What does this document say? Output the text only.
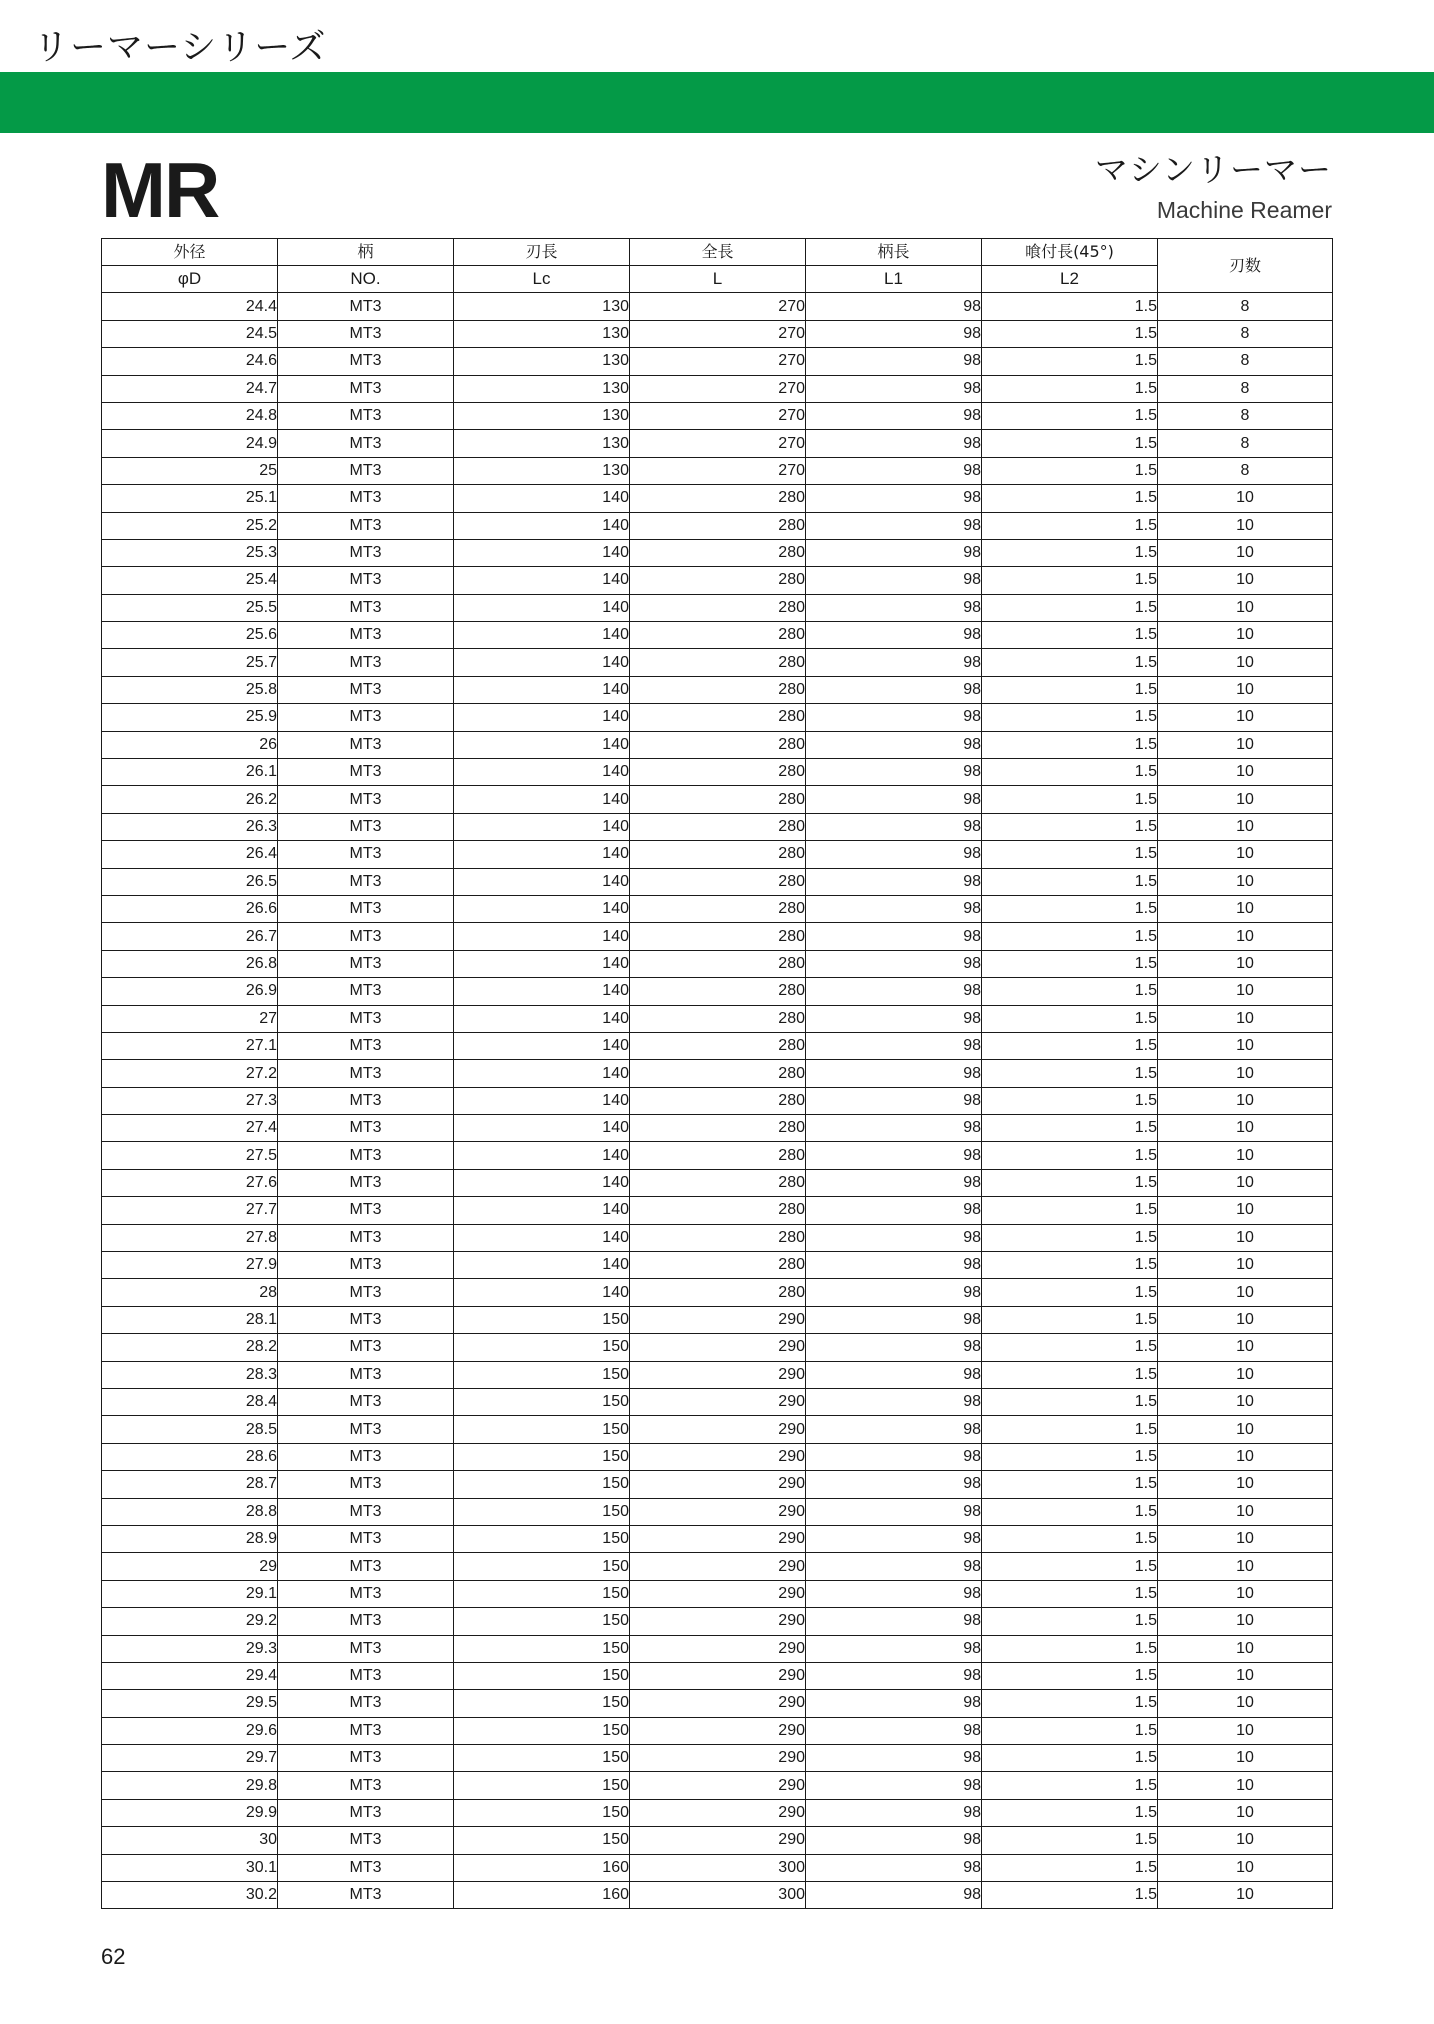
リーマーシリーズ
MR	マシンリーマー
Machine Reamer
外径	柄	刃長	全長	柄長	喰付長(45°)	刃数
φD	NO.	Lc	L	L1	L2	
24.4	MT3	130	270	98	1.5	8
24.5	MT3	130	270	98	1.5	8
24.6	MT3	130	270	98	1.5	8
24.7	MT3	130	270	98	1.5	8
24.8	MT3	130	270	98	1.5	8
24.9	MT3	130	270	98	1.5	8
25	MT3	130	270	98	1.5	8
25.1	MT3	140	280	98	1.5	10
25.2	MT3	140	280	98	1.5	10
25.3	MT3	140	280	98	1.5	10
25.4	MT3	140	280	98	1.5	10
25.5	MT3	140	280	98	1.5	10
25.6	MT3	140	280	98	1.5	10
25.7	MT3	140	280	98	1.5	10
25.8	MT3	140	280	98	1.5	10
25.9	MT3	140	280	98	1.5	10
26	MT3	140	280	98	1.5	10
26.1	MT3	140	280	98	1.5	10
26.2	MT3	140	280	98	1.5	10
26.3	MT3	140	280	98	1.5	10
26.4	MT3	140	280	98	1.5	10
26.5	MT3	140	280	98	1.5	10
26.6	MT3	140	280	98	1.5	10
26.7	MT3	140	280	98	1.5	10
26.8	MT3	140	280	98	1.5	10
26.9	MT3	140	280	98	1.5	10
27	MT3	140	280	98	1.5	10
27.1	MT3	140	280	98	1.5	10
27.2	MT3	140	280	98	1.5	10
27.3	MT3	140	280	98	1.5	10
27.4	MT3	140	280	98	1.5	10
27.5	MT3	140	280	98	1.5	10
27.6	MT3	140	280	98	1.5	10
27.7	MT3	140	280	98	1.5	10
27.8	MT3	140	280	98	1.5	10
27.9	MT3	140	280	98	1.5	10
28	MT3	140	280	98	1.5	10
28.1	MT3	150	290	98	1.5	10
28.2	MT3	150	290	98	1.5	10
28.3	MT3	150	290	98	1.5	10
28.4	MT3	150	290	98	1.5	10
28.5	MT3	150	290	98	1.5	10
28.6	MT3	150	290	98	1.5	10
28.7	MT3	150	290	98	1.5	10
28.8	MT3	150	290	98	1.5	10
28.9	MT3	150	290	98	1.5	10
29	MT3	150	290	98	1.5	10
29.1	MT3	150	290	98	1.5	10
29.2	MT3	150	290	98	1.5	10
29.3	MT3	150	290	98	1.5	10
29.4	MT3	150	290	98	1.5	10
29.5	MT3	150	290	98	1.5	10
29.6	MT3	150	290	98	1.5	10
29.7	MT3	150	290	98	1.5	10
29.8	MT3	150	290	98	1.5	10
29.9	MT3	150	290	98	1.5	10
30	MT3	150	290	98	1.5	10
30.1	MT3	160	300	98	1.5	10
30.2	MT3	160	300	98	1.5	10
62
